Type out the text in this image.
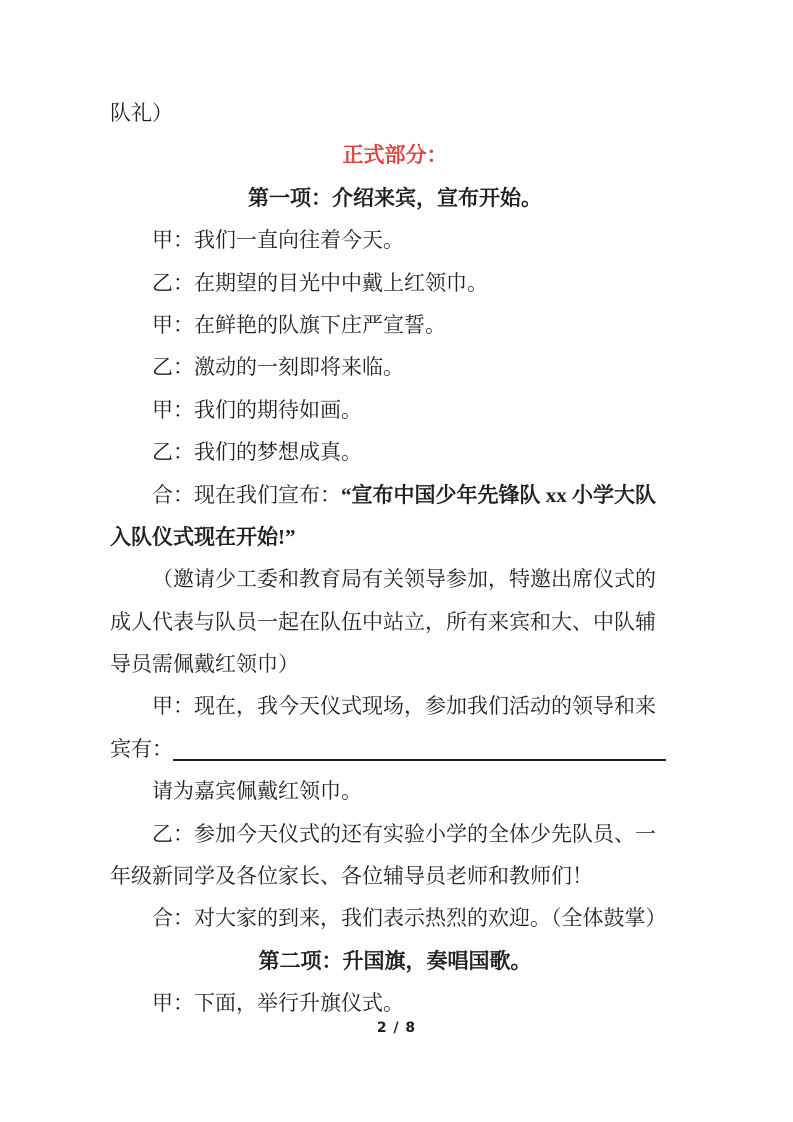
队礼）
正式部分：
第一项：介绍来宾，宣布开始。
甲：我们一直向往着今天。
乙：在期望的目光中中戴上红领巾。
甲：在鲜艳的队旗下庄严宣誓。
乙：激动的一刻即将来临。
甲：我们的期待如画。
乙：我们的梦想成真。
合：现在我们宣布：“宣布中国少年先锋队 xx 小学大队
入队仪式现在开始!”
（邀请少工委和教育局有关领导参加，特邀出席仪式的
成人代表与队员一起在队伍中站立，所有来宾和大、中队辅
导员需佩戴红领巾）
甲：现在，我今天仪式现场，参加我们活动的领导和来
宾有：
请为嘉宾佩戴红领巾。
乙：参加今天仪式的还有实验小学的全体少先队员、一
年级新同学及各位家长、各位辅导员老师和教师们！
合：对大家的到来，我们表示热烈的欢迎。（全体鼓掌）
第二项：升国旗，奏唱国歌。
甲：下面，举行升旗仪式。
2 / 8
